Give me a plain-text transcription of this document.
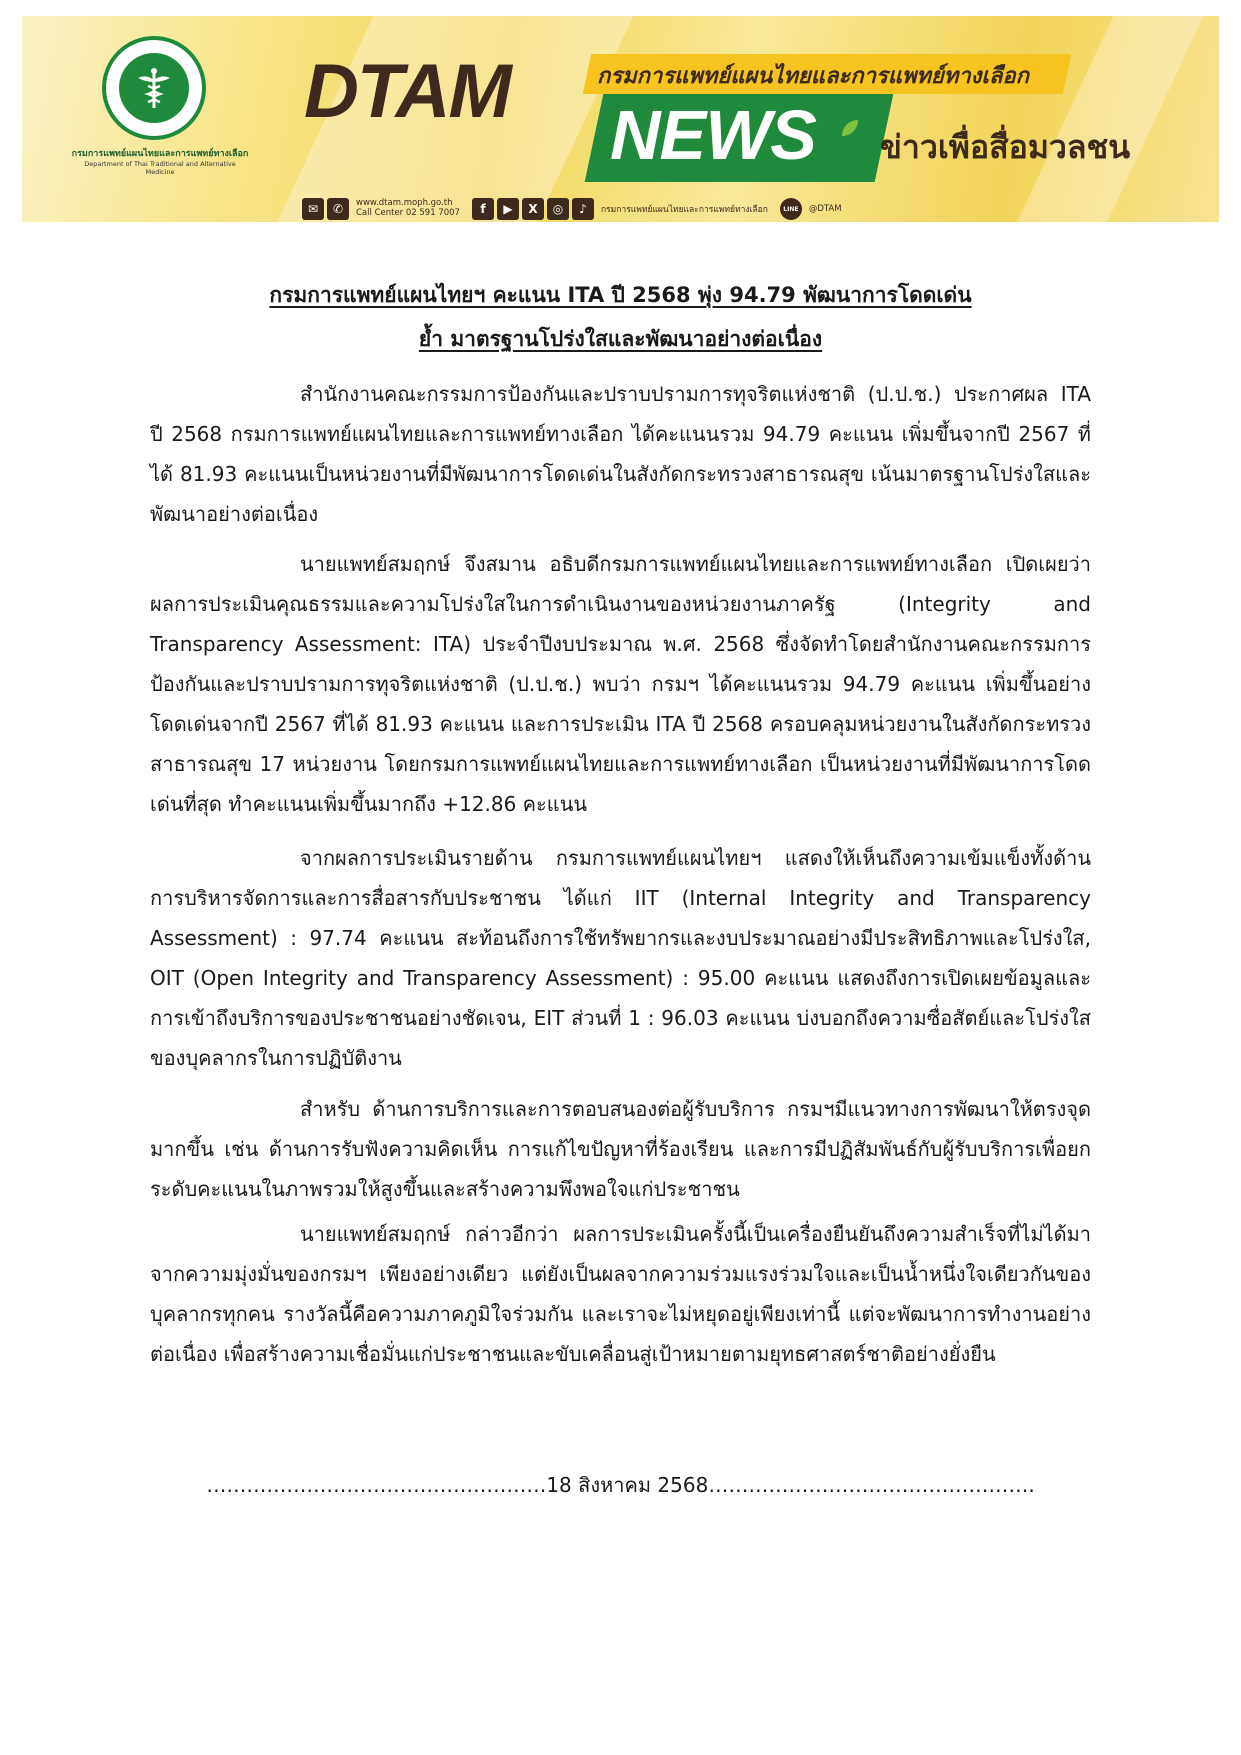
กรมการแพทย์แผนไทยและการแพทย์ทางเลือก
Department of Thai Traditional and Alternative Medicine
DTAM	กรมการแพทย์แผนไทยและการแพทย์ทางเลือก
NEWS ข่าวเพื่อสื่อมวลชน
✉	✆	www.dtam.moph.go.th
Call Center 02 591 7007	f	▶	X	◎	♪	กรมการแพทย์แผนไทยและการแพทย์ทางเลือก	LINE	@DTAM
กรมการแพทย์แผนไทยฯ คะแนน ITA ปี 2568 พุ่ง 94.79 พัฒนาการโดดเด่น
ย้ำ มาตรฐานโปร่งใสและพัฒนาอย่างต่อเนื่อง

สำนักงานคณะกรรมการป้องกันและปราบปรามการทุจริตแห่งชาติ (ป.ป.ช.) ประกาศผล ITA ปี 2568 กรมการแพทย์แผนไทยและการแพทย์ทางเลือก ได้คะแนนรวม 94.79 คะแนน เพิ่มขึ้นจากปี 2567 ที่ได้ 81.93 คะแนนเป็นหน่วยงานที่มีพัฒนาการโดดเด่นในสังกัดกระทรวงสาธารณสุข เน้นมาตรฐานโปร่งใสและพัฒนาอย่างต่อเนื่อง

นายแพทย์สมฤกษ์ จึงสมาน อธิบดีกรมการแพทย์แผนไทยและการแพทย์ทางเลือก เปิดเผยว่า ผลการประเมินคุณธรรมและความโปร่งใสในการดำเนินงานของหน่วยงานภาครัฐ (Integrity and Transparency Assessment: ITA) ประจำปีงบประมาณ พ.ศ. 2568 ซึ่งจัดทำโดยสำนักงานคณะกรรมการป้องกันและปราบปรามการทุจริตแห่งชาติ (ป.ป.ช.) พบว่า กรมฯ ได้คะแนนรวม 94.79 คะแนน เพิ่มขึ้นอย่างโดดเด่นจากปี 2567 ที่ได้ 81.93 คะแนน และการประเมิน ITA ปี 2568 ครอบคลุมหน่วยงานในสังกัดกระทรวงสาธารณสุข 17 หน่วยงาน โดยกรมการแพทย์แผนไทยและการแพทย์ทางเลือก เป็นหน่วยงานที่มีพัฒนาการโดดเด่นที่สุด ทำคะแนนเพิ่มขึ้นมากถึง +12.86 คะแนน

จากผลการประเมินรายด้าน กรมการแพทย์แผนไทยฯ แสดงให้เห็นถึงความเข้มแข็งทั้งด้านการบริหารจัดการและการสื่อสารกับประชาชน ได้แก่ IIT (Internal Integrity and Transparency Assessment) : 97.74 คะแนน สะท้อนถึงการใช้ทรัพยากรและงบประมาณอย่างมีประสิทธิภาพและโปร่งใส, OIT (Open Integrity and Transparency Assessment) : 95.00 คะแนน แสดงถึงการเปิดเผยข้อมูลและการเข้าถึงบริการของประชาชนอย่างชัดเจน, EIT ส่วนที่ 1 : 96.03 คะแนน บ่งบอกถึงความซื่อสัตย์และโปร่งใสของบุคลากรในการปฏิบัติงาน

สำหรับ ด้านการบริการและการตอบสนองต่อผู้รับบริการ กรมฯมีแนวทางการพัฒนาให้ตรงจุดมากขึ้น เช่น ด้านการรับฟังความคิดเห็น การแก้ไขปัญหาที่ร้องเรียน และการมีปฏิสัมพันธ์กับผู้รับบริการเพื่อยกระดับคะแนนในภาพรวมให้สูงขึ้นและสร้างความพึงพอใจแก่ประชาชน

นายแพทย์สมฤกษ์ กล่าวอีกว่า ผลการประเมินครั้งนี้เป็นเครื่องยืนยันถึงความสำเร็จที่ไม่ได้มาจากความมุ่งมั่นของกรมฯ เพียงอย่างเดียว แต่ยังเป็นผลจากความร่วมแรงร่วมใจและเป็นน้ำหนึ่งใจเดียวกันของบุคลากรทุกคน รางวัลนี้คือความภาคภูมิใจร่วมกัน และเราจะไม่หยุดอยู่เพียงเท่านี้ แต่จะพัฒนาการทำงานอย่างต่อเนื่อง เพื่อสร้างความเชื่อมั่นแก่ประชาชนและขับเคลื่อนสู่เป้าหมายตามยุทธศาสตร์ชาติอย่างยั่งยืน

……………………………………………18 สิงหาคม 2568………………………………………….
